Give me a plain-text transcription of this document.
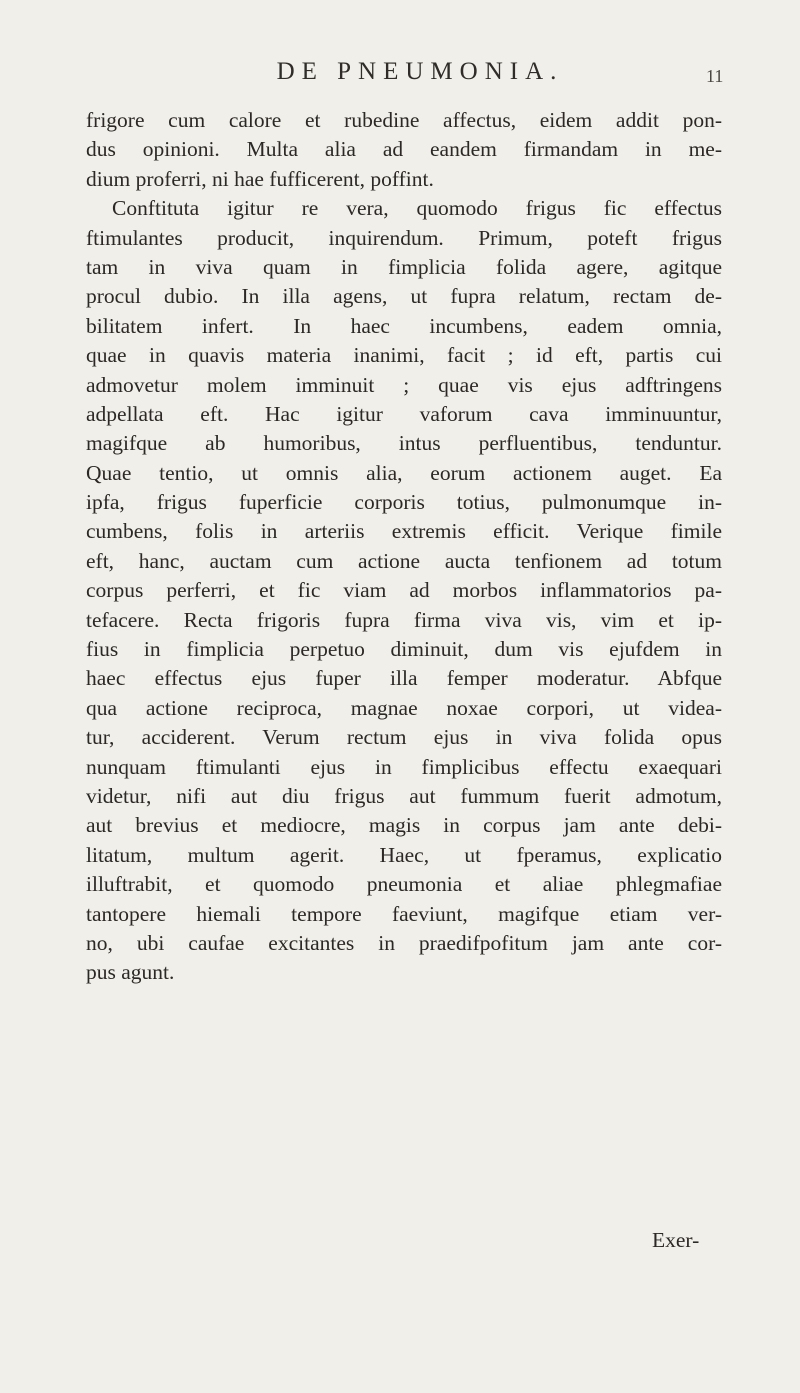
DE PNEUMONIA.	11
frigore cum calore et rubedine affectus, eidem addit pon-
dus opinioni. Multa alia ad eandem firmandam in me-
dium proferri, ni hae fufficerent, poffint.
Conftituta igitur re vera, quomodo frigus fic effectus
ftimulantes producit, inquirendum. Primum, poteft frigus
tam in viva quam in fimplicia folida agere, agitque
procul dubio. In illa agens, ut fupra relatum, rectam de-
bilitatem infert. In haec incumbens, eadem omnia,
quae in quavis materia inanimi, facit ; id eft, partis cui
admovetur molem imminuit ; quae vis ejus adftringens
adpellata eft. Hac igitur vaforum cava imminuuntur,
magifque ab humoribus, intus perfluentibus, tenduntur.
Quae tentio, ut omnis alia, eorum actionem auget. Ea
ipfa, frigus fuperficie corporis totius, pulmonumque in-
cumbens, folis in arteriis extremis efficit. Verique fimile
eft, hanc, auctam cum actione aucta tenfionem ad totum
corpus perferri, et fic viam ad morbos inflammatorios pa-
tefacere. Recta frigoris fupra firma viva vis, vim et ip-
fius in fimplicia perpetuo diminuit, dum vis ejufdem in
haec effectus ejus fuper illa femper moderatur. Abfque
qua actione reciproca, magnae noxae corpori, ut videa-
tur, acciderent. Verum rectum ejus in viva folida opus
nunquam ftimulanti ejus in fimplicibus effectu exaequari
videtur, nifi aut diu frigus aut fummum fuerit admotum,
aut brevius et mediocre, magis in corpus jam ante debi-
litatum, multum agerit. Haec, ut fperamus, explicatio
illuftrabit, et quomodo pneumonia et aliae phlegmafiae
tantopere hiemali tempore faeviunt, magifque etiam ver-
no, ubi caufae excitantes in praedifpofitum jam ante cor-
pus agunt.
Exer-
